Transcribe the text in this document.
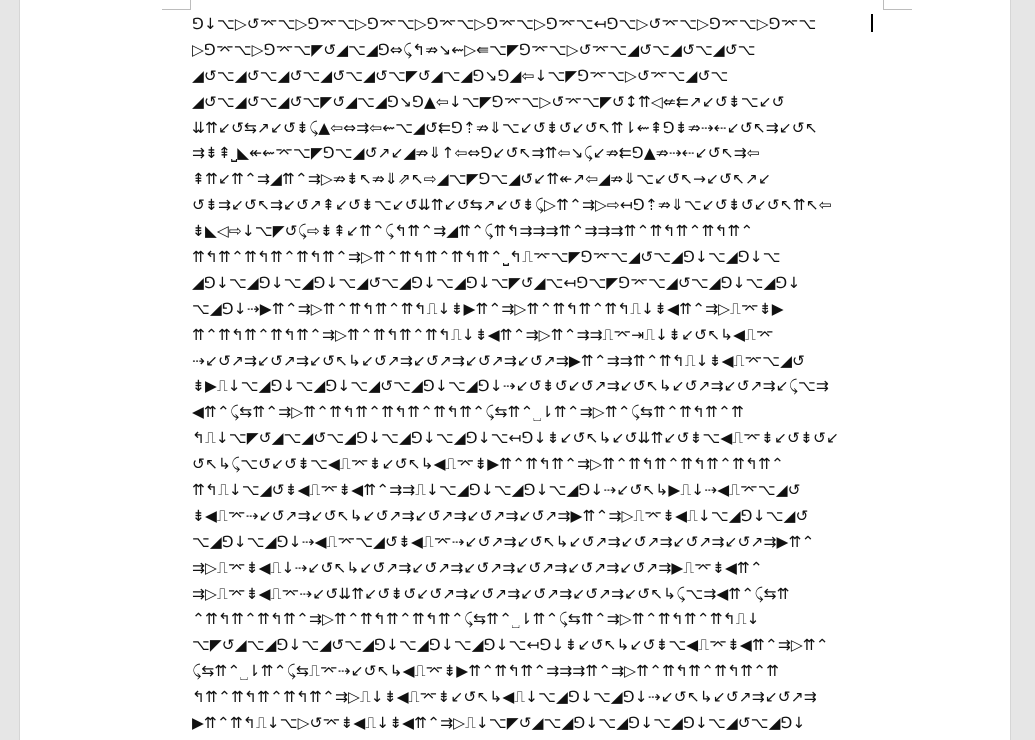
⅁↓⌥▷↺⌤⌥▷⅁⌤⌥▷⅁⌤⌥▷⅁⌤⌥▷⅁⌤⌥▷⅁⌤⌥↤⅁⌥▷↺⌤⌥▷⅁⌤⌥▷⅁⌤⌥
▷⅁⌤⌥▷⅁⌤⌥◤↺◢⌥◢⅁⇔⤹↰⇏↘⇜▷⇚⌥◤⅁⌤⌥▷↺⌤⌥◢↺⌥◢↺⌥◢↺⌥
◢↺⌥◢↺⌥◢↺⌥◢↺⌥◢↺⌥◤↺◢⌥◢⅁↘⅁◢⇦↓⌥◤⅁⌤⌥▷↺⌤⌥◢↺⌥
◢↺⌥◢↺⌥◢↺⌥◤↺◢⌥◢⅁↘⅁▲⇦↓⌥◤⅁⌤⌥▷↺⌤⌥◤↺↕⇈◁⇍⇇↗↙↺⇟⌥↙↺
⇊⇈↙↺⇆↗↙↺⇟⤹▲⇦⇔⇉⇦⇜⌥◢↺⇇⅁⇡⇏⇓⌥↙↺⇟↺↙↺↖⇈⇂⇜⇞⅁⇟⇏⇢⇠↙↺↖⇉↙↺↖
⇉⇟⇞⎵◣↞⇜⌤⌥◤⅁⌥◢↺↗↙◢⇏⇓↑⇦⇔⅁↙↺↖⇉⇈⇦↘⤹↙⇏⇇⅁▲⇏⇢⇠↙↺↖⇉⇦
⇞⇈↙⇈⌃⇉◢⇈⌃⇉▷⇏⇟↖⇏⇓⇗↖⇨◢⌥◤⅁⌥◢↺↙⇈↞↗⇦◢⇏⇓⌥↙↺↖→↙↺↖↗↙
↺⇟⇉↙↺↖⇉↙↺↗⇞↙↺⇟⌥↙↺⇊⇈↙↺⇆↗↙↺⇟⤹▷⇈⌃⇉▷⇨↤⅁⇡⇏⇓⌥↙↺⇟↺↙↺↖⇈↖⇦
⇟◣◁⇨↓⌥◤↺⤹⇨⇟⇞↙⇈⌃⤹↰⇈⌃⇉◢⇈⌃⤹⇈↰⇉⇉⇉⇈⌃⇉⇉⇉⇈⌃⇈↰⇈⌃⇈↰⇈⌃
⇈↰⇈⌃⇈↰⇈⌃⇈↰⇈⌃⇉▷⇈⌃⇈↰⇈⌃⇈↰⇈⌃⎵↰⎍⌤⌥◤⅁⌤⌥◢↺⌥◢⅁↓⌥◢⅁↓⌥
◢⅁↓⌥◢⅁↓⌥◢⅁↓⌥◢↺⌥◢⅁↓⌥◢⅁↓⌥◤↺◢⌥↤⅁⌥◤⅁⌤⌥◢↺⌥◢⅁↓⌥◢⅁↓
⌥◢⅁↓⇢▶⇈⌃⇉▷⇈⌃⇈↰⇈⌃⇈↰⎍↓⇟▶⇈⌃⇉▷⇈⌃⇈↰⇈⌃⇈↰⎍↓⇟◀⇈⌃⇉▷⎍⌤⇟▶
⇈⌃⇈↰⇈⌃⇈↰⇈⌃⇉▷⇈⌃⇈↰⇈⌃⇈↰⎍↓⇟◀⇈⌃⇉▷⇈⌃⇉⇉⎍⌤⇥⎍↓⇟↙↺↖↳◀⎍⌤
⇢↙↺↗⇉↙↺↗⇉↙↺↖↳↙↺↗⇉↙↺↗⇉↙↺↗⇉↙↺↗⇉▶⇈⌃⇉⇉⇈⌃⇈↰⎍↓⇟◀⎍⌤⌥◢↺
⇟▶⎍↓⌥◢⅁↓⌥◢⅁↓⌥◢↺⌥◢⅁↓⌥◢⅁↓⇢↙↺⇟↺↙↺↗⇉↙↺↖↳↙↺↗⇉↙↺↗⇉↙⤹⌥⇉
◀⇈⌃⤹⇆⇈⌃⇉▷⇈⌃⇈↰⇈⌃⇈↰⇈⌃⇈↰⇈⌃⤹⇆⇈⌃⎵⇂⇈⌃⇉▷⇈⌃⤹⇆⇈⌃⇈↰⇈⌃⇈
↰⎍↓⌥◤↺◢⌥◢↺⌥◢⅁↓⌥◢⅁↓⌥◢⅁↓⌥↤⅁↓⇟↙↺↖↳↙↺⇊⇈↙↺⇟⌥◀⎍⌤⇟↙↺⇟↺↙
↺↖↳⤹⌥↺↙↺⇟⌥◀⎍⌤⇟↙↺↖↳◀⎍⌤⇟▶⇈⌃⇈↰⇈⌃⇉▷⇈⌃⇈↰⇈⌃⇈↰⇈⌃⇈↰⇈⌃
⇈↰⎍↓⌥◢↺⇟◀⎍⌤⇟◀⇈⌃⇉⇉⎍↓⌥◢⅁↓⌥◢⅁↓⌥◢⅁↓⇢↙↺↖↳▶⎍↓⇢◀⎍⌤⌥◢↺
⇟◀⎍⌤⇢↙↺↗⇉↙↺↖↳↙↺↗⇉↙↺↗⇉↙↺↗⇉↙↺↗⇉▶⇈⌃⇉▷⎍⌤⇟◀⎍↓⌥◢⅁↓⌥◢↺
⌥◢⅁↓⌥◢⅁↓⇢◀⎍⌤⌥◢↺⇟◀⎍⌤⇢↙↺↗⇉↙↺↖↳↙↺↗⇉↙↺↗⇉↙↺↗⇉↙↺↗⇉▶⇈⌃
⇉▷⎍⌤⇟◀⎍↓⇢↙↺↖↳↙↺↗⇉↙↺↗⇉↙↺↗⇉↙↺↗⇉↙↺↗⇉↙↺↗⇉▶⎍⌤⇟◀⇈⌃
⇉▷⎍⌤⇟◀⎍⌤⇢↙↺⇊⇈↙↺⇟↺↙↺↗⇉↙↺↗⇉↙↺↗⇉↙↺↗⇉↙↺↖↳⤹⌥⇉◀⇈⌃⤹⇆⇈
⌃⇈↰⇈⌃⇈↰⇈⌃⇉▷⇈⌃⇈↰⇈⌃⇈↰⇈⌃⤹⇆⇈⌃⎵⇂⇈⌃⤹⇆⇈⌃⇉▷⇈⌃⇈↰⇈⌃⇈↰⎍↓
⌥◤↺◢⌥◢⅁↓⌥◢↺⌥◢⅁↓⌥◢⅁↓⌥◢⅁↓⌥↤⅁↓⇟↙↺↖↳↙↺⇟⌥◀⎍⌤⇟◀⇈⌃⇉▷⇈⌃
⤹⇆⇈⌃⎵⇂⇈⌃⤹⇆⎍⌤⇢↙↺↖↳◀⎍⌤⇟▶⇈⌃⇈↰⇈⌃⇉⇉⇉⇈⌃⇉▷⇈⌃⇈↰⇈⌃⇈↰⇈⌃⇈
↰⇈⌃⇈↰⇈⌃⇈↰⇈⌃⇉▷⎍↓⇟◀⎍⌤⇟↙↺↖↳◀⎍↓⌥◢⅁↓⌥◢⅁↓⇢↙↺↖↳↙↺↗⇉↙↺↗⇉
▶⇈⌃⇈↰⎍↓⌥▷↺⌤⇟◀⎍↓⇟◀⇈⌃⇉▷⎍↓⌥◤↺◢⌥◢⅁↓⌥◢⅁↓⌥◢⅁↓⌥◢↺⌥◢⅁↓
